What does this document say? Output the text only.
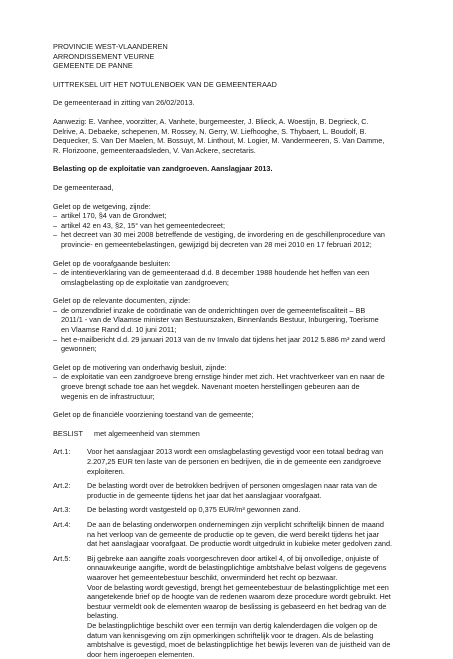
PROVINCIE WEST-VLAANDEREN
ARRONDISSEMENT VEURNE
GEMEENTE DE PANNE
UITTREKSEL UIT HET NOTULENBOEK VAN DE GEMEENTERAAD
De gemeenteraad in zitting van 26/02/2013.
Aanwezig: E. Vanhee, voorzitter, A. Vanhete, burgemeester, J. Blieck, A. Woestijn, B. Degrieck, C.
Delrive, A. Debaeke, schepenen, M. Rossey, N. Gerry, W. Liefhooghe, S. Thybaert, L. Boudolf, B.
Dequecker, S. Van Der Maelen, M. Bossuyt, M. Linthout, M. Logier, M. Vandermeeren, S. Van Damme,
R. Florizoone, gemeenteraadsleden, V. Van Ackere, secretaris.
Belasting op de exploitatie van zandgroeven. Aanslagjaar 2013.
De gemeenteraad,
Gelet op de wetgeving, zijnde:
– artikel 170, §4 van de Grondwet;
– artikel 42 en 43, §2, 15° van het gemeentedecreet;
– het decreet van 30 mei 2008 betreffende de vestiging, de invordering en de geschillenprocedure van
provincie- en gemeentebelastingen, gewijzigd bij decreten van 28 mei 2010 en 17 februari 2012;
Gelet op de voorafgaande besluiten:
– de intentieverklaring van de gemeenteraad d.d. 8 december 1988 houdende het heffen van een
omslagbelasting op de exploitatie van zandgroeven;
Gelet op de relevante documenten, zijnde:
– de omzendbrief inzake de coördinatie van de onderrichtingen over de gemeentefiscaliteit – BB
2011/1 - van de Vlaamse minister van Bestuurszaken, Binnenlands Bestuur, Inburgering, Toerisme
en Vlaamse Rand d.d. 10 juni 2011;
– het e-mailbericht d.d. 29 januari 2013 van de nv Imvalo dat tijdens het jaar 2012 5.886 m³ zand werd
gewonnen;
Gelet op de motivering van onderhavig besluit, zijnde:
– de exploitatie van een zandgroeve breng ernstige hinder met zich. Het vrachtverkeer van en naar de
groeve brengt schade toe aan het wegdek. Navenant moeten herstellingen gebeuren aan de
wegenis en de infrastructuur;
Gelet op de financiële voorziening toestand van de gemeente;
BESLIST	met algemeenheid van stemmen
Art.1:	Voor het aanslagjaar 2013 wordt een omslagbelasting gevestigd voor een totaal bedrag van
2.207,25 EUR ten laste van de personen en bedrijven, die in de gemeente een zandgroeve
exploiteren.
Art.2:	De belasting wordt over de betrokken bedrijven of personen omgeslagen naar rata van de
productie in de gemeente tijdens het jaar dat het aanslagjaar voorafgaat.
Art.3:	De belasting wordt vastgesteld op 0,375 EUR/m³ gewonnen zand.
Art.4:	De aan de belasting onderworpen ondernemingen zijn verplicht schriftelijk binnen de maand
na het verloop van de gemeente de productie op te geven, die werd bereikt tijdens het jaar
dat het aanslagjaar voorafgaat. De productie wordt uitgedrukt in kubieke meter gedolven zand.
Art.5:	Bij gebreke aan aangifte zoals voorgeschreven door artikel 4, of bij onvolledige, onjuiste of
onnauwkeurige aangifte, wordt de belastingplichtige ambtshalve belast volgens de gegevens
waarover het gemeentebestuur beschikt, onverminderd het recht op bezwaar.
Voor de belasting wordt gevestigd, brengt het gemeentebestuur de belastingplichtige met een
aangetekende brief op de hoogte van de redenen waarom deze procedure wordt gebruikt. Het
bestuur vermeldt ook de elementen waarop de beslissing is gebaseerd en het bedrag van de
belasting.
De belastingplichtige beschikt over een termijn van dertig kalenderdagen die volgen op de
datum van kennisgeving om zijn opmerkingen schriftelijk voor te dragen. Als de belasting
ambtshalve is gevestigd, moet de belastingplichtige het bewijs leveren van de juistheid van de
door hem ingeroepen elementen.
